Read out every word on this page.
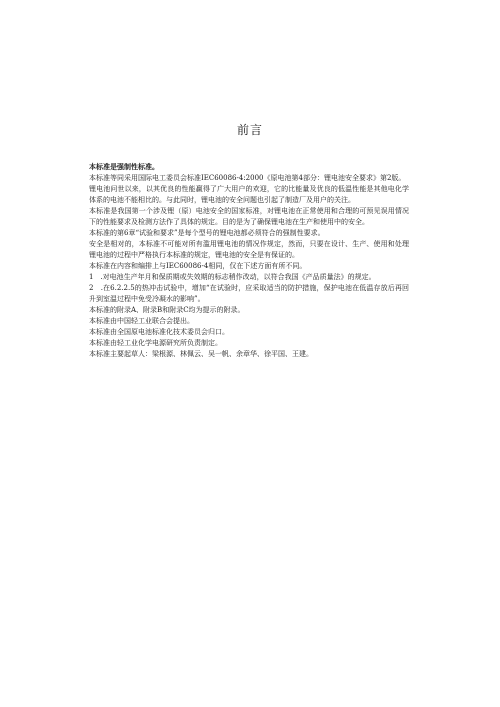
前言

本标准是强制性标准。

本标准等同采用国际电工委员会标准IEC60086-4:2000《原电池第4部分：锂电池安全要求》第2版。

锂电池问世以来，以其优良的性能赢得了广大用户的欢迎，它的比能量及优良的低温性能是其他电化学体系的电池不能相比的。与此同时，锂电池的安全问题也引起了制造厂及用户的关注。

本标准是我国第一个涉及锂（原）电池安全的国家标准，对锂电池在正常使用和合理的可预见误用情况下的性能要求及检测方法作了具体的规定。目的是为了确保锂电池在生产和使用中的安全。

本标准的第6章“试验和要求”是每个型号的锂电池都必须符合的强制性要求。

安全是相对的，本标准不可能对所有滥用锂电池的情况作规定，然而，只要在设计、生产、使用和处理锂电池的过程中严格执行本标准的规定，锂电池的安全是有保证的。

本标准在内容和编排上与IEC60086-4相同，仅在下述方面有所不同。

1　.对电池生产年月和保质期或失效期的标志稍作改动，以符合我国《产品质量法》的规定。

2　.在6.2.2.5的热冲击试验中，增加“在试验时，应采取适当的防护措施，保护电池在低温存放后再回升到室温过程中免受冷凝水的影响”。

本标准的附录A、附录B和附录C均为提示的附录。

本标准由中国轻工业联合会提出。

本标准由全国原电池标准化技术委员会归口。

本标准由轻工业化学电源研究所负责制定。

本标准主要起草人：梁根源、林佩云、吴一帆、余章华、徐平国、王建。
